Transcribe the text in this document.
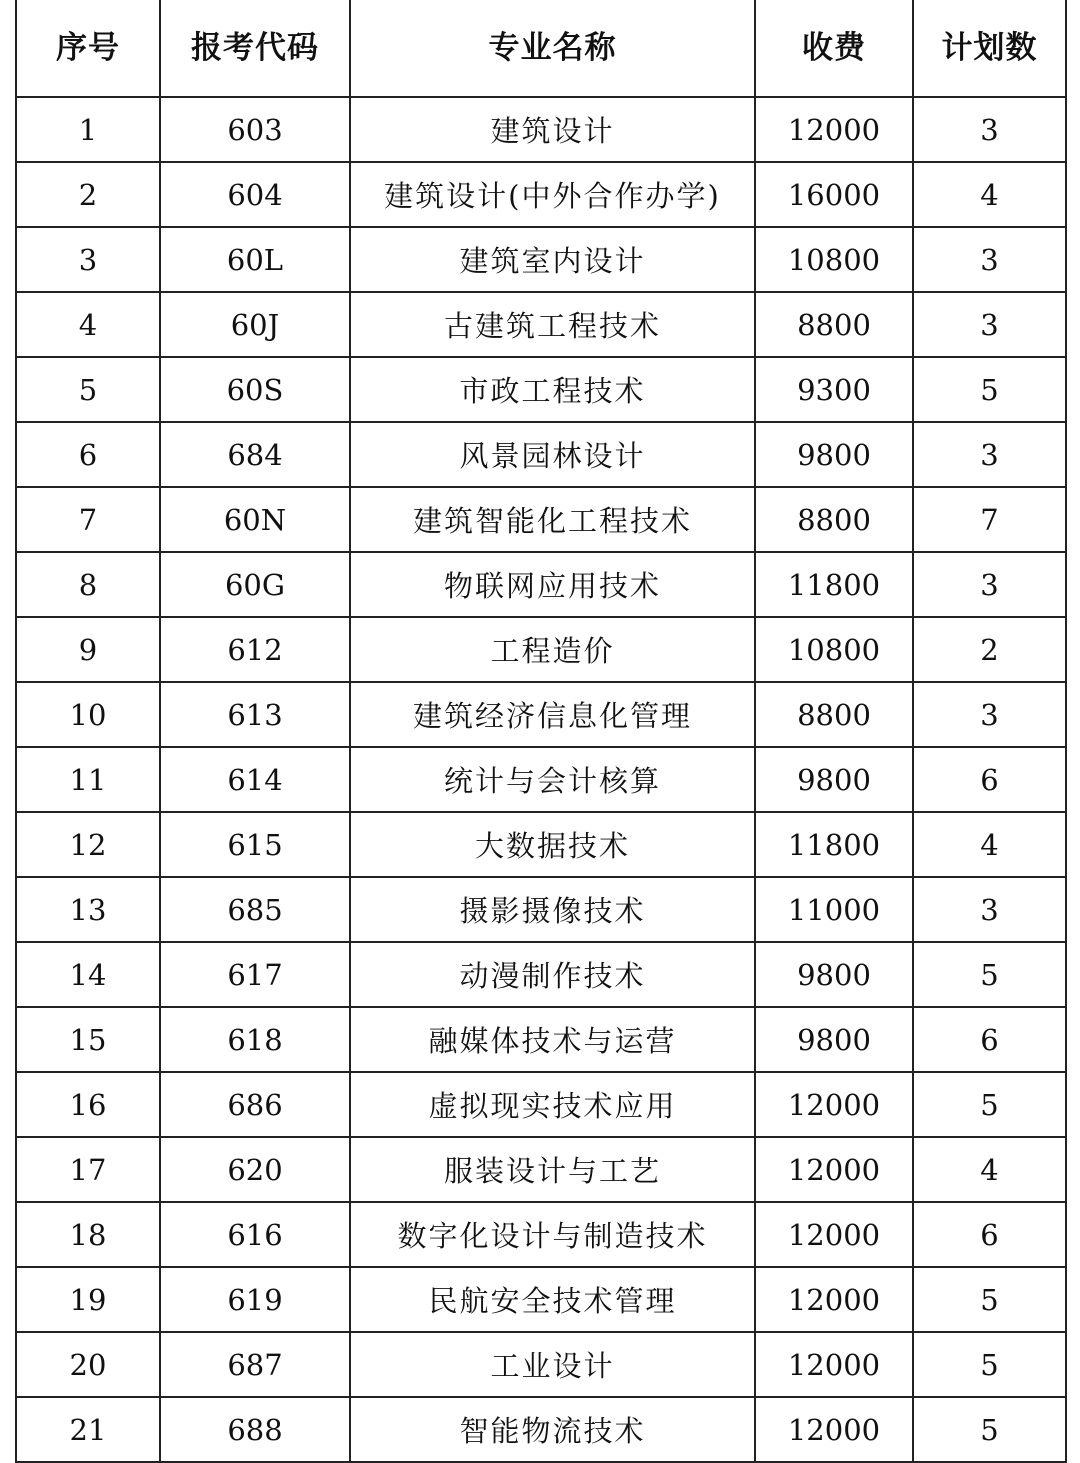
序号	报考代码	专业名称	收费	计划数
1	603	建筑设计	12000	3
2	604	建筑设计(中外合作办学)	16000	4
3	60L	建筑室内设计	10800	3
4	60J	古建筑工程技术	8800	3
5	60S	市政工程技术	9300	5
6	684	风景园林设计	9800	3
7	60N	建筑智能化工程技术	8800	7
8	60G	物联网应用技术	11800	3
9	612	工程造价	10800	2
10	613	建筑经济信息化管理	8800	3
11	614	统计与会计核算	9800	6
12	615	大数据技术	11800	4
13	685	摄影摄像技术	11000	3
14	617	动漫制作技术	9800	5
15	618	融媒体技术与运营	9800	6
16	686	虚拟现实技术应用	12000	5
17	620	服装设计与工艺	12000	4
18	616	数字化设计与制造技术	12000	6
19	619	民航安全技术管理	12000	5
20	687	工业设计	12000	5
21	688	智能物流技术	12000	5
